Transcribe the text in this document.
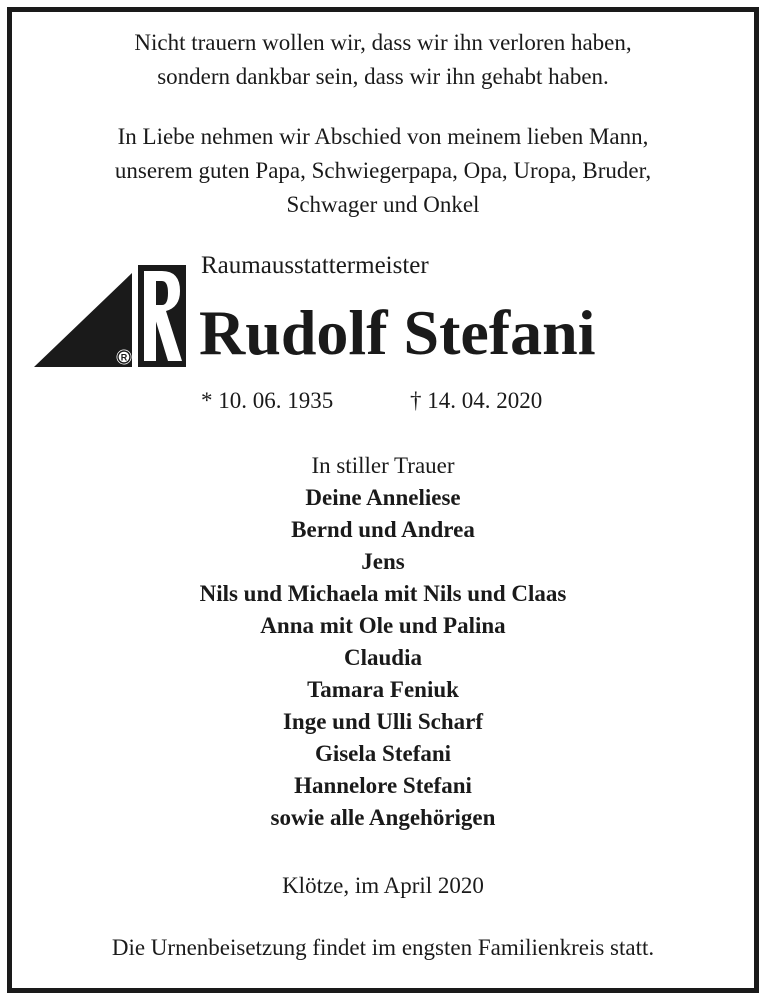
Nicht trauern wollen wir, dass wir ihn verloren haben,
sondern dankbar sein, dass wir ihn gehabt haben.
In Liebe nehmen wir Abschied von meinem lieben Mann,
unserem guten Papa, Schwiegerpapa, Opa, Uropa, Bruder,
Schwager und Onkel
R
Raumausstattermeister
Rudolf Stefani
* 10. 06. 1935	† 14. 04. 2020
In stiller Trauer
Deine Anneliese
Bernd und Andrea
Jens
Nils und Michaela mit Nils und Claas
Anna mit Ole und Palina
Claudia
Tamara Feniuk
Inge und Ulli Scharf
Gisela Stefani
Hannelore Stefani
sowie alle Angehörigen
Klötze, im April 2020
Die Urnenbeisetzung findet im engsten Familienkreis statt.
